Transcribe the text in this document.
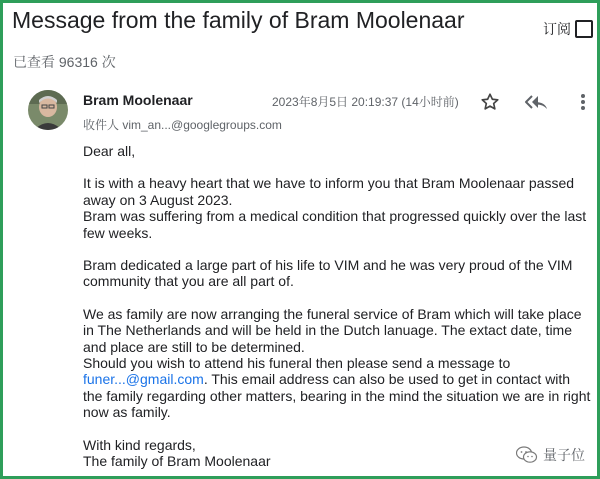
Message from the family of Bram Moolenaar	订阅
已查看 96316 次
Bram Moolenaar
收件人 vim_an...@googlegroups.com
2023年8月5日 20:19:37 (14小时前)

Dear all,

It is with a heavy heart that we have to inform you that Bram Moolenaar passed away on 3 August 2023.

Bram was suffering from a medical condition that progressed quickly over the last few weeks.

Bram dedicated a large part of his life to VIM and he was very proud of the VIM community that you are all part of.

We as family are now arranging the funeral service of Bram which will take place in The Netherlands and will be held in the Dutch lanuage. The extact date, time and place are still to be determined.

Should you wish to attend his funeral then please send a message to funer...@gmail.com. This email address can also be used to get in contact with the family regarding other matters, bearing in the mind the situation we are in right now as family.

With kind regards,

The family of Bram Moolenaar	量子位
